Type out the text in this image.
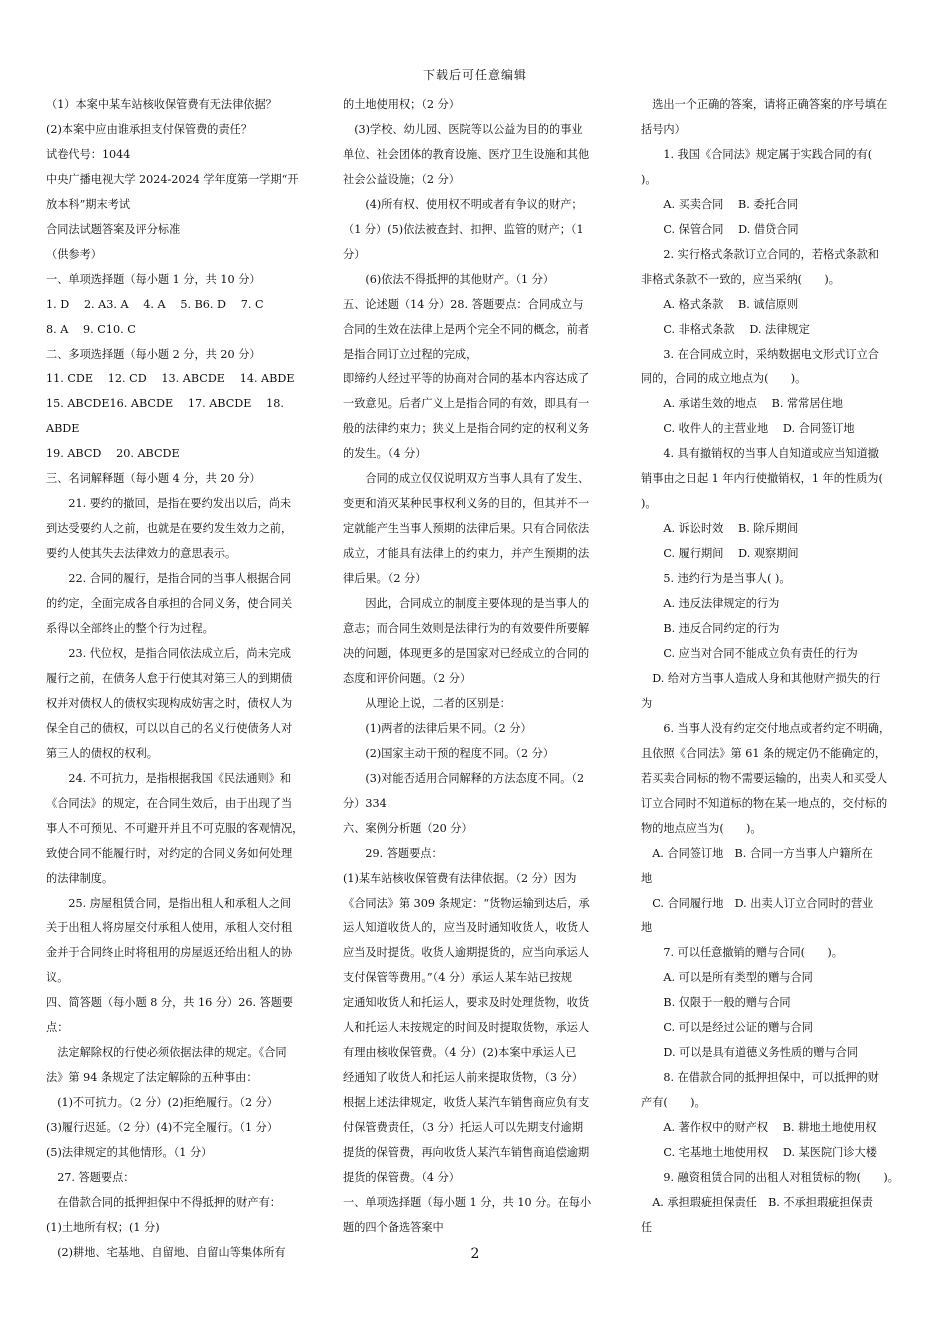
下载后可任意编辑

（1）本案中某车站核收保管费有无法律依据？

(2)本案中应由谁承担支付保管费的责任？

试卷代号：1044

中央广播电视大学 2024-2024 学年度第一学期“开

放本科”期末考试

合同法试题答案及评分标准

（供参考）

一、单项选择题（每小题 1 分，共 10 分）

1. D　 2. A3. A　 4. A　 5. B6. D　 7. C

8. A　 9. C10. C

二、多项选择题（每小题 2 分，共 20 分）

11. CDE　 12. CD　 13. ABCDE　 14. ABDE

15. ABCDE16. ABCDE　 17. ABCDE　 18. ABDE

19. ABCD　 20. ABCDE

三、名词解释题（每小题 4 分，共 20 分）

　　21. 要约的撤回，是指在要约发出以后，尚未

到达受要约人之前，也就是在要约发生效力之前，

要约人使其失去法律效力的意思表示。

　　22. 合同的履行，是指合同的当事人根据合同

的约定，全面完成各自承担的合同义务，使合同关

系得以全部终止的整个行为过程。

　　23. 代位权，是指合同依法成立后，尚未完成

履行之前，在债务人怠于行使其对第三人的到期债

权并对债权人的债权实现构成妨害之时，债权人为

保全自己的债权，可以以自己的名义行使债务人对

第三人的债权的权利。

　　24. 不可抗力，是指根据我国《民法通则》和

《合同法》的规定，在合同生效后，由于出现了当

事人不可预见、不可避开并且不可克服的客观情况，

致使合同不能履行时，对约定的合同义务如何处理

的法律制度。

　　25. 房屋租赁合同，是指出租人和承租人之间

关于出租人将房屋交付承租人使用，承租人交付租

金并于合同终止时将租用的房屋返还给出租人的协

议。

四、简答题（每小题 8 分，共 16 分）26. 答题要

点：

　法定解除权的行使必须依据法律的规定。《合同

法》第 94 条规定了法定解除的五种事由：

　(1)不可抗力。（2 分）(2)拒绝履行。（2 分）

(3)履行迟延。（2 分）(4)不完全履行。（1 分）

(5)法律规定的其他情形。（1 分）

　27. 答题要点：

　在借款合同的抵押担保中不得抵押的财产有：

(1)土地所有权；(1 分)

　(2)耕地、宅基地、自留地、自留山等集体所有

的土地使用权；（2 分）

　(3)学校、幼儿园、医院等以公益为目的的事业

单位、社会团体的教育设施、医疗卫生设施和其他

社会公益设施；（2 分）

　　(4)所有权、使用权不明或者有争议的财产；

（1 分）(5)依法被查封、扣押、监管的财产；（1

分）

　　(6)依法不得抵押的其他财产。（1 分）

五、论述题（14 分）28. 答题要点：合同成立与

合同的生效在法律上是两个完全不同的概念，前者

是指合同订立过程的完成，

即缔约人经过平等的协商对合同的基本内容达成了

一致意见。后者广义上是指合同的有效，即具有一

般的法律约束力；狭义上是指合同约定的权利义务

的发生。（4 分）

　　合同的成立仅仅说明双方当事人具有了发生、

变更和消灭某种民事权利义务的目的，但其并不一

定就能产生当事人预期的法律后果。只有合同依法

成立，才能具有法律上的约束力，并产生预期的法

律后果。（2 分）

　　因此，合同成立的制度主要体现的是当事人的

意志；而合同生效则是法律行为的有效要件所要解

决的问题，体现更多的是国家对已经成立的合同的

态度和评价问题。（2 分）

　　从理论上说，二者的区别是：

　　(1)两者的法律后果不同。（2 分）

　　(2)国家主动干预的程度不同。（2 分）

　　(3)对能否适用合同解释的方法态度不同。（2

分）334

六、案例分析题（20 分）

　　29. 答题要点：

(1)某车站核收保管费有法律依据。（2 分）因为

《合同法》第 309 条规定：“货物运输到达后，承

运人知道收货人的，应当及时通知收货人，收货人

应当及时提货。收货人逾期提货的，应当向承运人

支付保管等费用。”（4 分）承运人某车站已按规

定通知收货人和托运人，要求及时处理货物，收货

人和托运人未按规定的时间及时提取货物，承运人

有理由核收保管费。（4 分）(2)本案中承运人已

经通知了收货人和托运人前来提取货物，（3 分）

根据上述法律规定，收货人某汽车销售商应负有支

付保管费责任，（3 分）托运人可以先期支付逾期

提货的保管费，再向收货人某汽车销售商追偿逾期

提货的保管费。（4 分）

一、单项选择题（每小题 1 分，共 10 分。在每小

题的四个备选答案中

　选出一个正确的答案，请将正确答案的序号填在

括号内）

　　1. 我国《合同法》规定属于实践合同的有(

)。

　　A. 买卖合同　 B. 委托合同

　　C. 保管合同　 D. 借贷合同

　　2. 实行格式条款订立合同的，若格式条款和

非格式条款不一致的，应当采纳(　　)。

　　A. 格式条款　 B. 诚信原则

　　C. 非格式条款　 D. 法律规定

　　3. 在合同成立时，采纳数据电文形式订立合

同的，合同的成立地点为(　　)。

　　A. 承诺生效的地点　 B. 常常居住地

　　C. 收件人的主营业地　 D. 合同签订地

　　4. 具有撤销权的当事人自知道或应当知道撤

销事由之日起 1 年内行使撤销权，1 年的性质为(

)。

　　A. 诉讼时效　 B. 除斥期间

　　C. 履行期间　 D. 观察期间

　　5. 违约行为是当事人( )。

　　A. 违反法律规定的行为

　　B. 违反合同约定的行为

　　C. 应当对合同不能成立负有责任的行为

　D. 给对方当事人造成人身和其他财产损失的行

为

　　6. 当事人没有约定交付地点或者约定不明确，

且依照《合同法》第 61 条的规定仍不能确定的，

若买卖合同标的物不需要运输的，出卖人和买受人

订立合同时不知道标的物在某一地点的，交付标的

物的地点应当为(　　)。

　A. 合同签订地　B. 合同一方当事人户籍所在

地

　C. 合同履行地　D. 出卖人订立合同时的营业

地

　　7. 可以任意撤销的赠与合同(　　)。

　　A. 可以是所有类型的赠与合同

　　B. 仅限于一般的赠与合同

　　C. 可以是经过公证的赠与合同

　　D. 可以是具有道德义务性质的赠与合同

　　8. 在借款合同的抵押担保中，可以抵押的财

产有(　　)。

　　A. 著作权中的财产权　 B. 耕地土地使用权

　　C. 宅基地土地使用权　 D. 某医院门诊大楼

　　9. 融资租赁合同的出租人对租赁标的物(　　)。

　A. 承担瑕疵担保责任　B. 不承担瑕疵担保责

任

2
